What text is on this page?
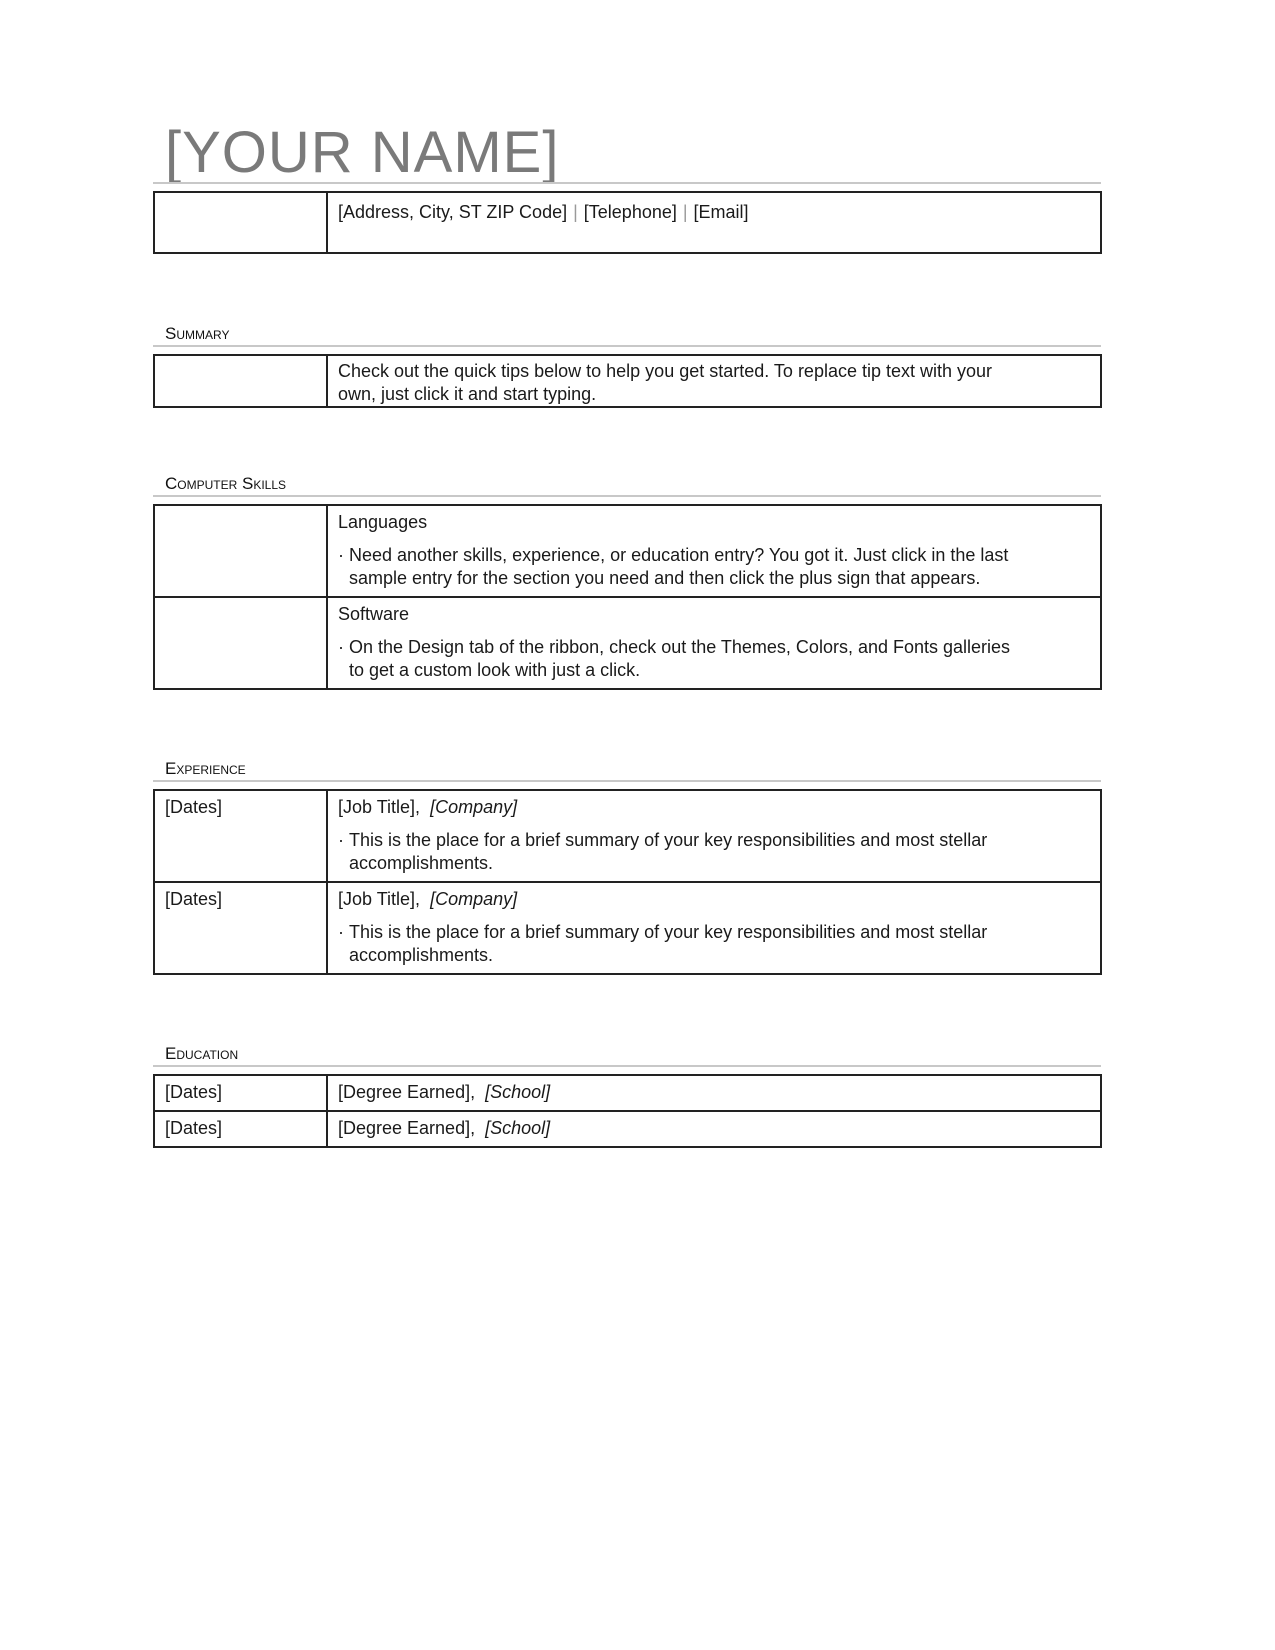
[YOUR NAME]
	[Address, City, ST ZIP Code] | [Telephone] | [Email]
Summary

Check out the quick tips below to help you get started. To replace tip text with your own, just click it and start typing.

Computer Skills

	Languages

· Need another skills, experience, or education entry? You got it. Just click in the last sample entry for the section you need and then click the plus sign that appears.

	Software

· On the Design tab of the ribbon, check out the Themes, Colors, and Fonts galleries to get a custom look with just a click.

Experience
[Dates]	[Job Title], [Company]

· This is the place for a brief summary of your key responsibilities and most stellar accomplishments.

[Dates]	[Job Title], [Company]

· This is the place for a brief summary of your key responsibilities and most stellar accomplishments.

Education
[Dates]	[Degree Earned], [School]
[Dates]	[Degree Earned], [School]
